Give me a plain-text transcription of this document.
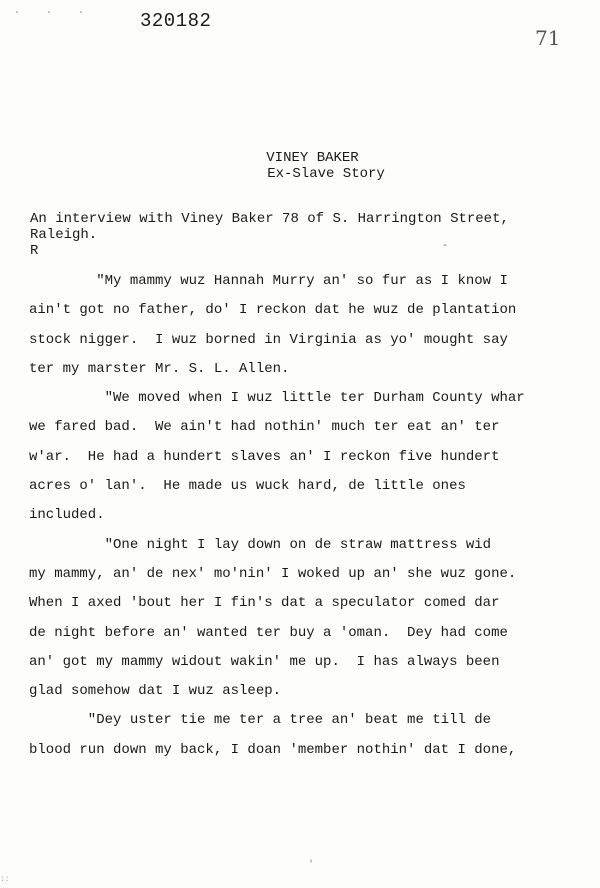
· · · 320182
71
VINEY BAKER
Ex-Slave Story
An interview with Viney Baker 78 of S. Harrington Street,
Raleigh.
R	-
"My mammy wuz Hannah Murry an' so fur as I know I
ain't got no father, do' I reckon dat he wuz de plantation
stock nigger.  I wuz borned in Virginia as yo' mought say
ter my marster Mr. S. L. Allen.
"We moved when I wuz little ter Durham County whar
we fared bad.  We ain't had nothin' much ter eat an' ter
w'ar.  He had a hundert slaves an' I reckon five hundert
acres o' lan'.  He made us wuck hard, de little ones
included.
"One night I lay down on de straw mattress wid
my mammy, an' de nex' mo'nin' I woked up an' she wuz gone.
When I axed 'bout her I fin's dat a speculator comed dar
de night before an' wanted ter buy a 'oman.  Dey had come
an' got my mammy widout wakin' me up.  I has always been
glad somehow dat I wuz asleep.
"Dey uster tie me ter a tree an' beat me till de
blood run down my back, I doan 'member nothin' dat I done,
'
::
